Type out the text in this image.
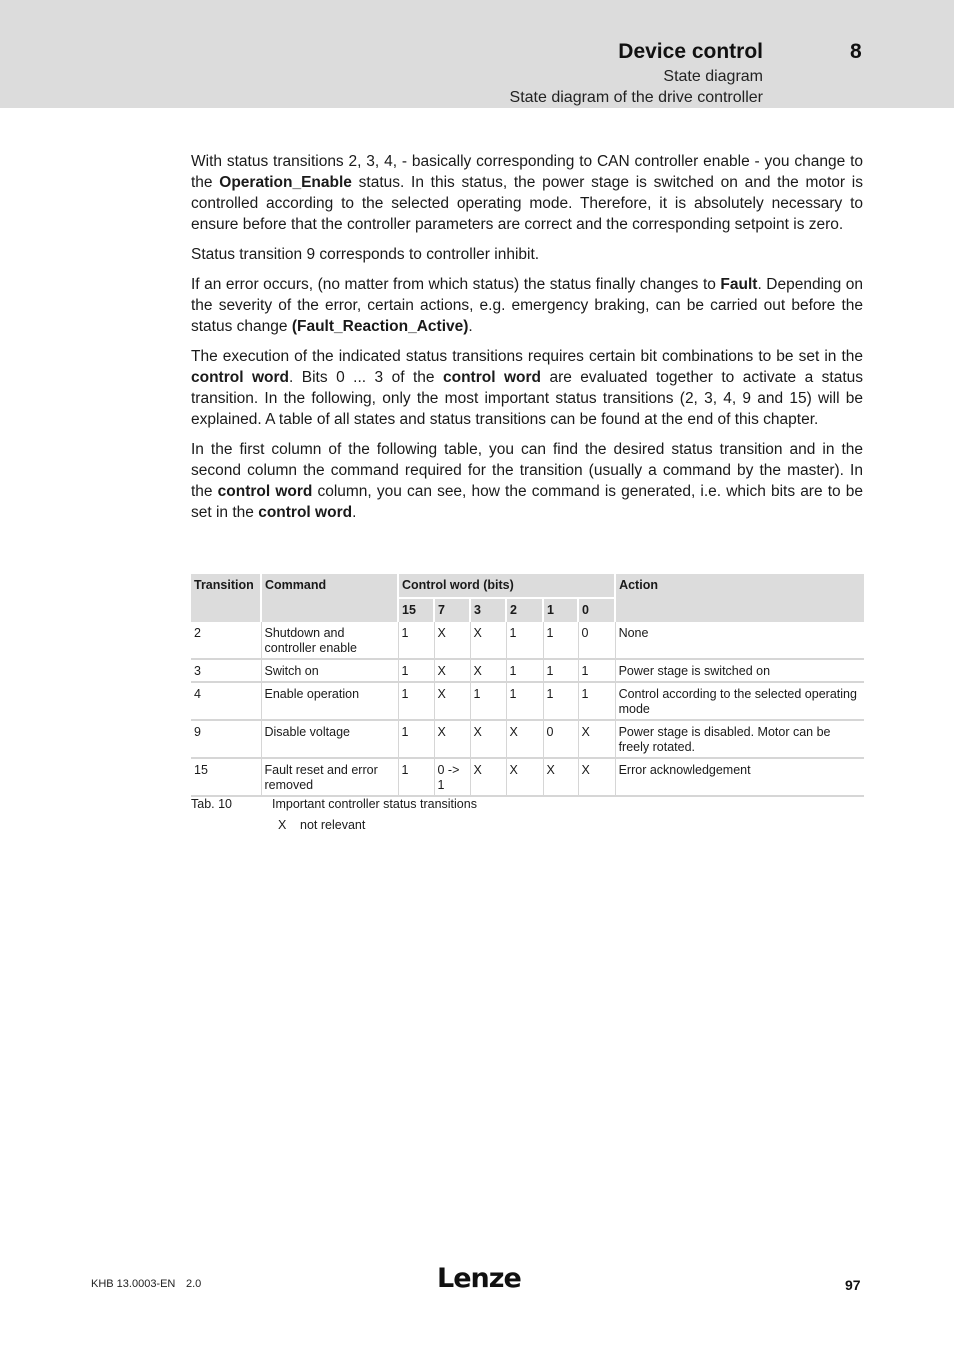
Device control	8
State diagram
State diagram of the drive controller

With status transitions 2, 3, 4, - basically corresponding to CAN controller enable - you change to the Operation_Enable status. In this status, the power stage is switched on and the motor is controlled according to the selected operating mode. Therefore, it is absolutely necessary to ensure before that the controller parameters are correct and the corresponding setpoint is zero.

Status transition 9 corresponds to controller inhibit.

If an error occurs, (no matter from which status) the status finally changes to Fault. Depending on the severity of the error, certain actions, e.g. emergency braking, can be carried out before the status change (Fault_Reaction_Active).

The execution of the indicated status transitions requires certain bit combinations to be set in the control word. Bits 0 ... 3 of the control word are evaluated together to activate a status transition. In the following, only the most important status transitions (2, 3, 4, 9 and 15) will be explained. A table of all states and status transitions can be found at the end of this chapter.

In the first column of the following table, you can find the desired status transition and in the second column the command required for the transition (usually a command by the master). In the control word column, you can see, how the command is generated, i.e. which bits are to be set in the control word.

Transition	Command	Control word (bits)						Action
		15	7	3	2	1	0	
2	Shutdown and controller enable	1	X	X	1	1	0	None
3	Switch on	1	X	X	1	1	1	Power stage is switched on
4	Enable operation	1	X	1	1	1	1	Control according to the selected operating mode
9	Disable voltage	1	X	X	X	0	X	Power stage is disabled. Motor can be freely rotated.
15	Fault reset and error removed	1	0 -> 1	X	X	X	X	Error acknowledgement
Tab. 10	Important controller status transitions
X not relevant
KHB 13.0003-EN 2.0	Lenze	97
